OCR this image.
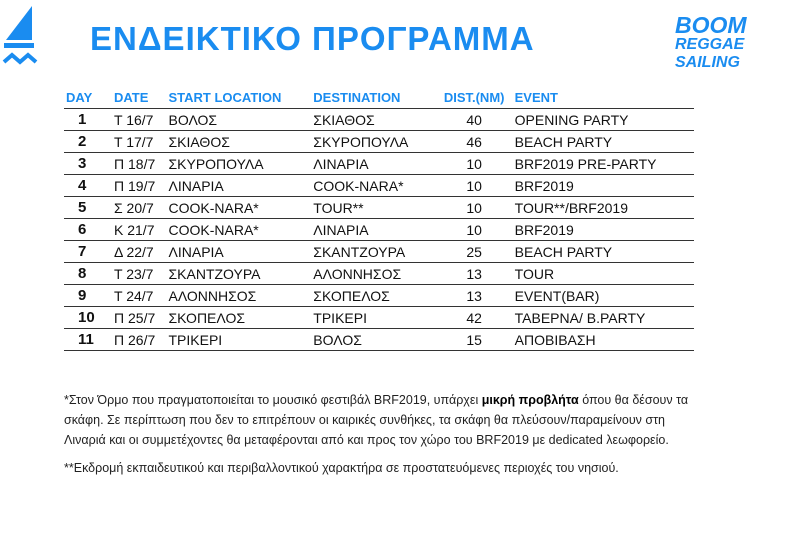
ΕΝΔΕΙΚΤΙΚΟ ΠΡΟΓΡΑΜΜΑ	BOOM
REGGAE
SAILING
DAY	DATE	START LOCATION	DESTINATION	DIST.(NM)	EVENT
1	Τ 16/7	ΒΟΛΟΣ	ΣΚΙΑΘΟΣ	40	OPENING PARTY
2	Τ 17/7	ΣΚΙΑΘΟΣ	ΣΚΥΡΟΠΟΥΛΑ	46	BEACH PARTY
3	Π 18/7	ΣΚΥΡΟΠΟΥΛΑ	ΛΙΝΑΡΙΑ	10	BRF2019 PRE-PARTY
4	Π 19/7	ΛΙΝΑΡΙΑ	COOK-NARA*	10	BRF2019
5	Σ 20/7	COOK-NARA*	TOUR**	10	TOUR**/BRF2019
6	Κ 21/7	COOK-NARA*	ΛΙΝΑΡΙΑ	10	BRF2019
7	Δ 22/7	ΛΙΝΑΡΙΑ	ΣΚΑΝΤΖΟΥΡΑ	25	BEACH PARTY
8	Τ 23/7	ΣΚΑΝΤΖΟΥΡΑ	ΑΛΟΝΝΗΣΟΣ	13	TOUR
9	Τ 24/7	ΑΛΟΝΝΗΣΟΣ	ΣΚΟΠΕΛΟΣ	13	EVENT(BAR)
10	Π 25/7	ΣΚΟΠΕΛΟΣ	ΤΡΙΚΕΡΙ	42	ΤΑΒΕΡΝΑ/ B.PARTY
11	Π 26/7	ΤΡΙΚΕΡΙ	ΒΟΛΟΣ	15	ΑΠΟΒΙΒΑΣΗ

*Στον Όρμο που πραγματοποιείται το μουσικό φεστιβάλ BRF2019, υπάρχει μικρή προβλήτα όπου θα δέσουν τα σκάφη. Σε περίπτωση που δεν το επιτρέπουν οι καιρικές συνθήκες, τα σκάφη θα πλεύσουν/παραμείνουν στη Λιναριά και οι συμμετέχοντες θα μεταφέρονται από και προς τον χώρο του BRF2019 με dedicated λεωφορείο.

**Εκδρομή εκπαιδευτικού και περιβαλλοντικού χαρακτήρα σε προστατευόμενες περιοχές του νησιού.
